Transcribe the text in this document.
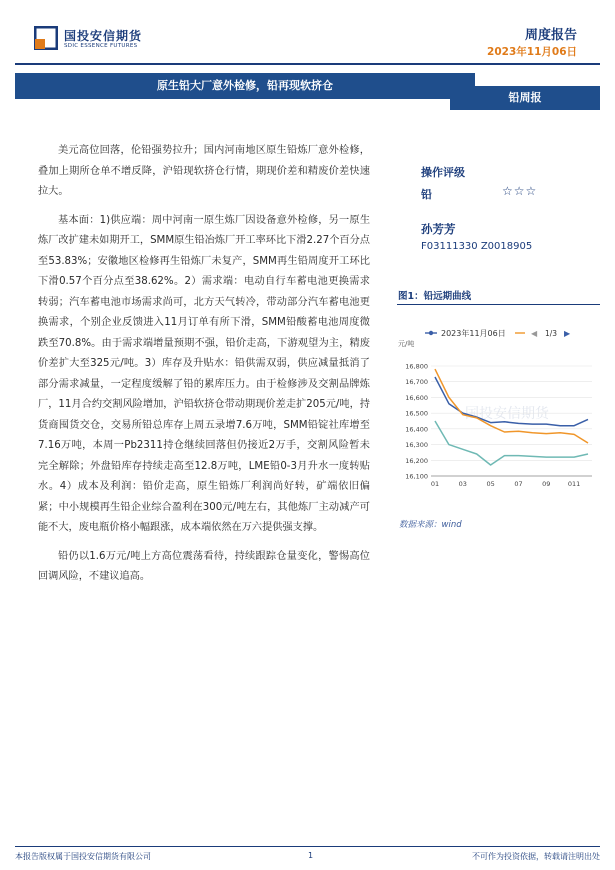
国投安信期货
SDIC ESSENCE FUTURES
周度报告
2023年11月06日
原生铅大厂意外检修，铅再现软挤仓
铅周报

美元高位回落，伦铅强势拉升；国内河南地区原生铅炼厂意外检修，叠加上期所仓单不增反降，沪铅现软挤仓行情，期现价差和精废价差快速拉大。

基本面：1)供应端：周中河南一原生炼厂因设备意外检修，另一原生炼厂改扩建未如期开工，SMM原生铅冶炼厂开工率环比下滑2.27个百分点至53.83%；安徽地区检修再生铅炼厂未复产，SMM再生铅周度开工环比下滑0.57个百分点至38.62%。2）需求端：电动自行车蓄电池更换需求转弱；汽车蓄电池市场需求尚可，北方天气转冷，带动部分汽车蓄电池更换需求，个别企业反馈进入11月订单有所下滑，SMM铅酸蓄电池周度微跌至70.8%。由于需求端增量预期不强，铅价走高，下游观望为主，精废价差扩大至325元/吨。3）库存及升贴水：铅供需双弱，供应减量抵消了部分需求减量，一定程度缓解了铅的累库压力。由于检修涉及交割品牌炼厂，11月合约交割风险增加，沪铅软挤仓带动期现价差走扩205元/吨，持货商囤货交仓，交易所铅总库存上周五录增7.6万吨，SMM铅锭社库增至7.16万吨，本周一Pb2311持仓继续回落但仍接近2万手，交割风险暂未完全解除；外盘铅库存持续走高至12.8万吨，LME铅0-3月升水一度转贴水。4）成本及利润：铅价走高，原生铅炼厂利润尚好转，矿端依旧偏紧；中小规模再生铅企业综合盈利在300元/吨左右，其他炼厂主动减产可能不大，废电瓶价格小幅跟涨，成本端依然在万六提供强支撑。

铅仍以1.6万元/吨上方高位震荡看待，持续跟踪仓量变化，警惕高位回调风险，不建议追高。

操作评级
铅	☆☆☆
孙芳芳
F03111330 Z0018905
图1：铅远期曲线
国投安信期货
2023年11月06日	◀ 1/3 ▶
元/吨
16,100
16,200
16,300
16,400
16,500
16,600
16,700
16,800
01	03	05	07	09	011
数据来源：wind
本报告版权属于国投安信期货有限公司	1	不可作为投资依据，转载请注明出处
